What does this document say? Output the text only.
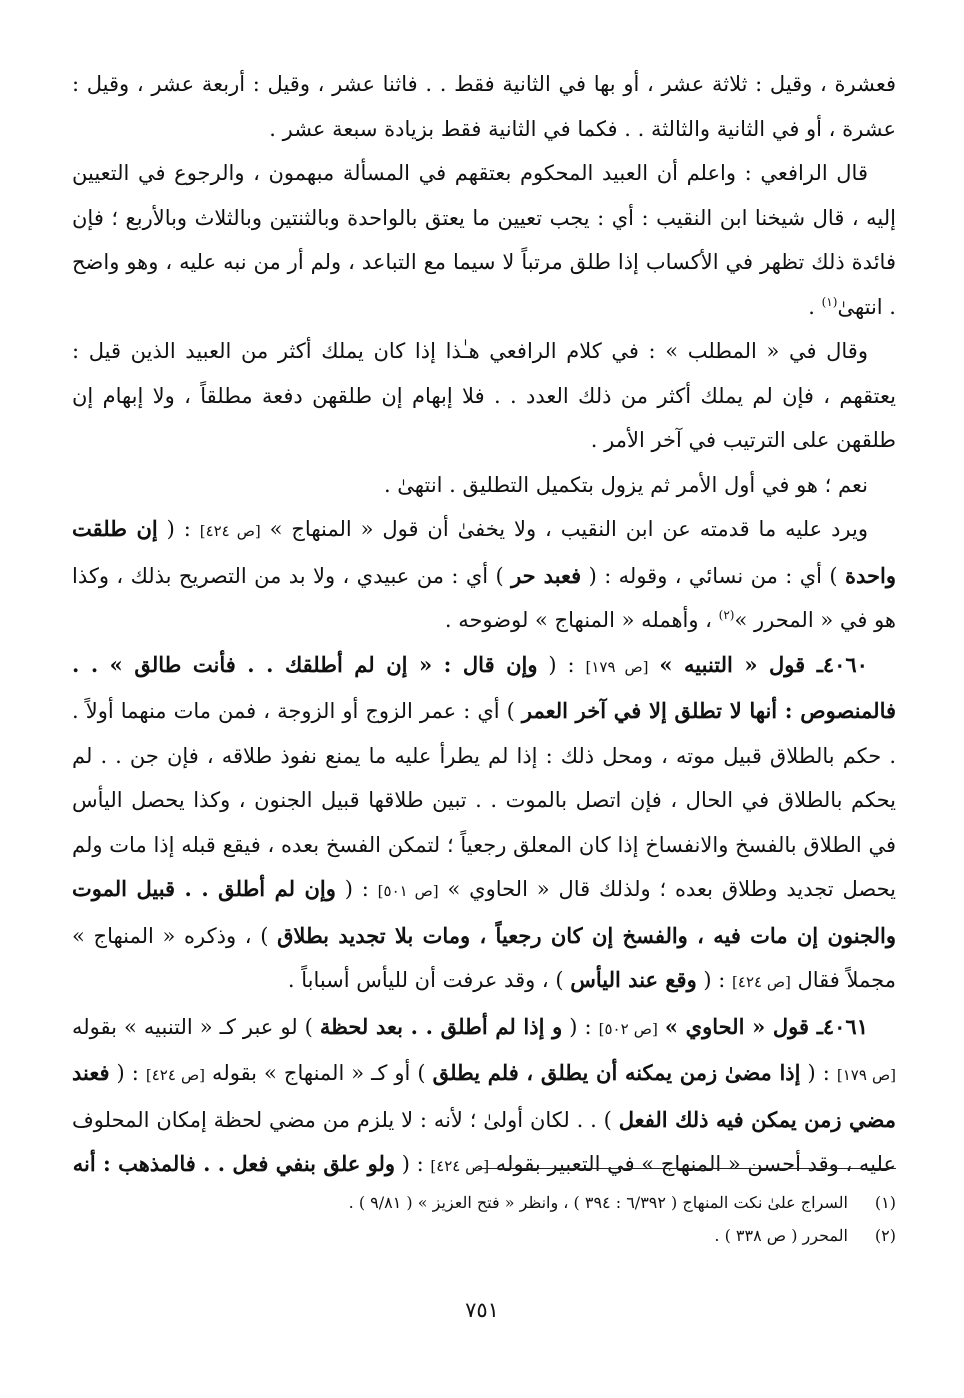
فعشرة ، وقيل : ثلاثة عشر ، أو بها في الثانية فقط . . فاثنا عشر ، وقيل : أربعة عشر ، وقيل : عشرة ، أو في الثانية والثالثة . . فكما في الثانية فقط بزيادة سبعة عشر .

قال الرافعي : واعلم أن العبيد المحكوم بعتقهم في المسألة مبهمون ، والرجوع في التعيين إليه ، قال شيخنا ابن النقيب : أي : يجب تعيين ما يعتق بالواحدة وبالثنتين وبالثلاث وبالأربع ؛ فإن فائدة ذلك تظهر في الأكساب إذا طلق مرتباً لا سيما مع التباعد ، ولم أر من نبه عليه ، وهو واضح . انتهىٰ$^{(١)}$ .

وقال في « المطلب » : في كلام الرافعي هـٰذا إذا كان يملك أكثر من العبيد الذين قيل : يعتقهم ، فإن لم يملك أكثر من ذلك العدد . . فلا إبهام إن طلقهن دفعة مطلقاً ، ولا إبهام إن طلقهن على الترتيب في آخر الأمر .

نعم ؛ هو في أول الأمر ثم يزول بتكميل التطليق . انتهىٰ .

ويرد عليه ما قدمته عن ابن النقيب ، ولا يخفىٰ أن قول « المنهاج » [ص ٤٢٤] : ( إن طلقت واحدة ) أي : من نسائي ، وقوله : ( فعبد حر ) أي : من عبيدي ، ولا بد من التصريح بذلك ، وكذا هو في « المحرر »$^{(٢)}$ ، وأهمله « المنهاج » لوضوحه .

٤٠٦٠ـ قول « التنبيه » [ص ١٧٩] : ( وإن قال : « إن لم أطلقك . . فأنت طالق » . . فالمنصوص : أنها لا تطلق إلا في آخر العمر ) أي : عمر الزوج أو الزوجة ، فمن مات منهما أولاً . . حكم بالطلاق قبيل موته ، ومحل ذلك : إذا لم يطرأ عليه ما يمنع نفوذ طلاقه ، فإن جن . . لم يحكم بالطلاق في الحال ، فإن اتصل بالموت . . تبين طلاقها قبيل الجنون ، وكذا يحصل اليأس في الطلاق بالفسخ والانفساخ إذا كان المعلق رجعياً ؛ لتمكن الفسخ بعده ، فيقع قبله إذا مات ولم يحصل تجديد وطلاق بعده ؛ ولذلك قال « الحاوي » [ص ٥٠١] : ( وإن لم أطلق . . قبيل الموت والجنون إن مات فيه ، والفسخ إن كان رجعياً ، ومات بلا تجديد بطلاق ) ، وذكره « المنهاج » مجملاً فقال [ص ٤٢٤] : ( وقع عند اليأس ) ، وقد عرفت أن لليأس أسباباً .

٤٠٦١ـ قول « الحاوي » [ص ٥٠٢] : ( و إذا لم أطلق . . بعد لحظة ) لو عبر كـ « التنبيه » بقوله [ص ١٧٩] : ( إذا مضىٰ زمن يمكنه أن يطلق ، فلم يطلق ) أو كـ « المنهاج » بقوله [ص ٤٢٤] : ( فعند مضي زمن يمكن فيه ذلك الفعل ) . . لكان أولىٰ ؛ لأنه : لا يلزم من مضي لحظة إمكان المحلوف عليه ، وقد أحسن « المنهاج » في التعبير بقوله [ص ٤٢٤] : ( ولو علق بنفي فعل . . فالمذهب : أنه

(١)السراج علىٰ نكت المنهاج ( ٦/٣٩٢ : ٣٩٤ ) ، وانظر « فتح العزيز » ( ٩/٨١ ) .

(٢)المحرر ( ص ٣٣٨ ) .

٧٥١
